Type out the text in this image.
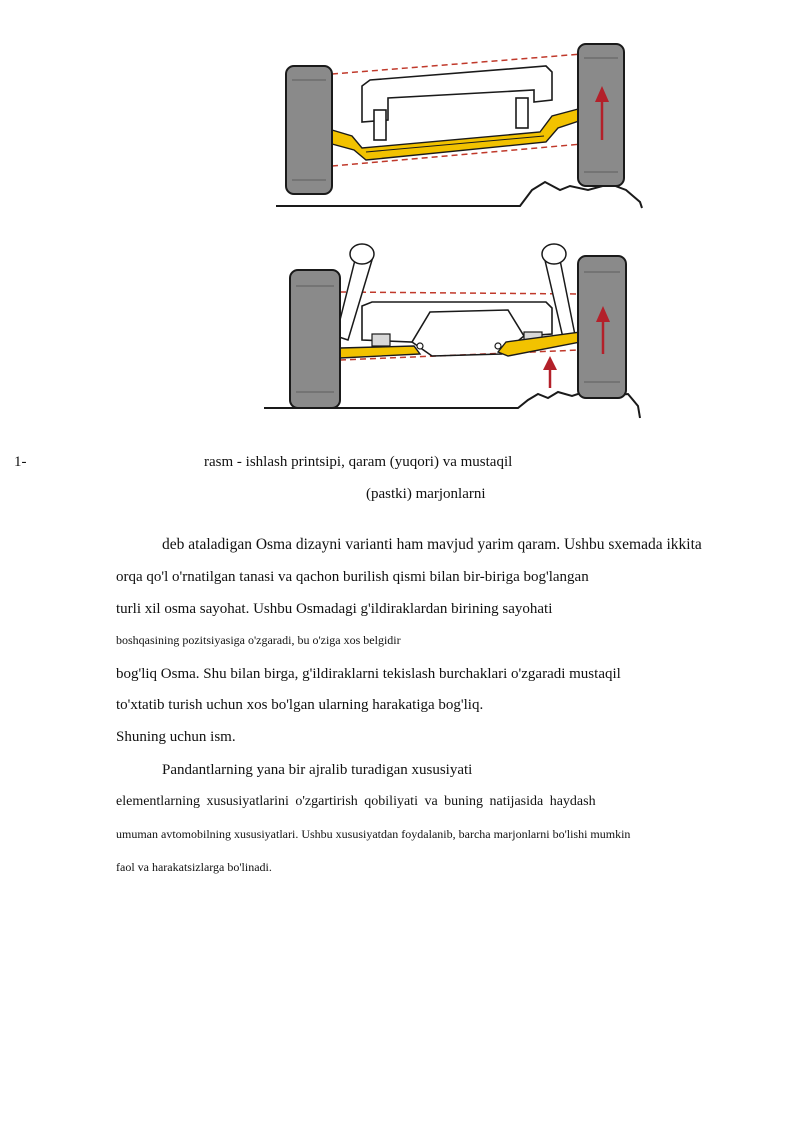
1-	rasm - ishlash printsipi, qaram (yuqori) va mustaqil
(pastki) marjonlarni
deb ataladigan Osma dizayni varianti ham mavjud yarim qaram. Ushbu sxemada ikkita
orqa qo'l o'rnatilgan tanasi va qachon burilish qismi bilan bir-biriga bog'langan
turli xil osma sayohat. Ushbu Osmadagi g'ildiraklardan birining sayohati
boshqasining pozitsiyasiga o'zgaradi, bu o'ziga xos belgidir
bog'liq Osma. Shu bilan birga, g'ildiraklarni tekislash burchaklari o'zgaradi mustaqil
to'xtatib turish uchun xos bo'lgan ularning harakatiga bog'liq.
Shuning uchun ism.
Pandantlarning yana bir ajralib turadigan xususiyati
elementlarning xususiyatlarini o'zgartirish qobiliyati va buning natijasida haydash
umuman avtomobilning xususiyatlari. Ushbu xususiyatdan foydalanib, barcha marjonlarni bo'lishi mumkin
faol va harakatsizlarga bo'linadi.
